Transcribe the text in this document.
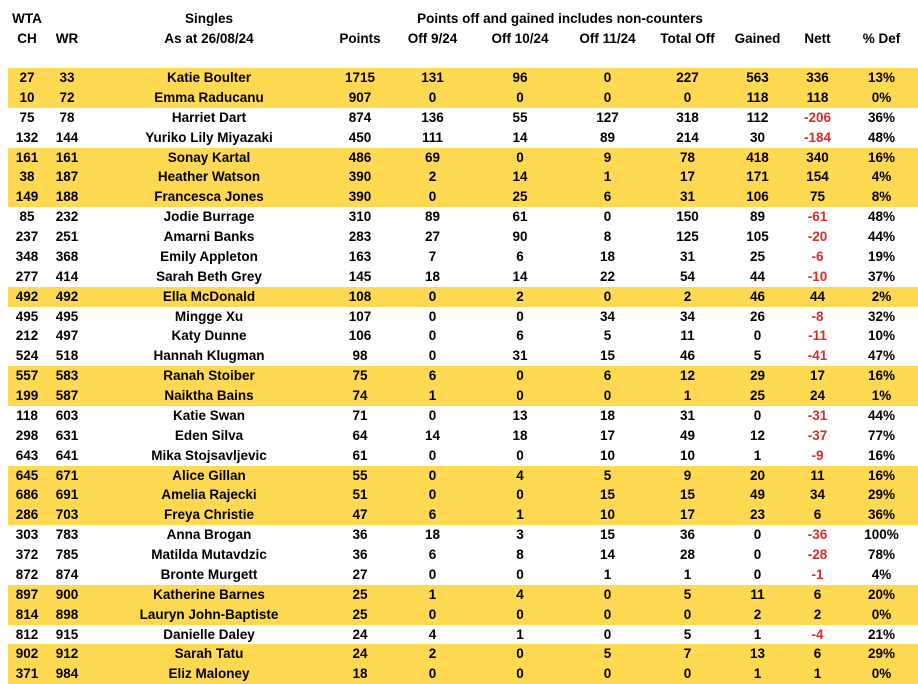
	WTA		Singles	Points off and gained includes non-counters							
	CH	WR	As at 26/08/24	Points	Off 9/24	Off 10/24	Off 11/24	Total Off	Gained	Nett	% Def

	27	33	Katie Boulter	1715	131	96	0	227	563	336	13%
	10	72	Emma Raducanu	907	0	0	0	0	118	118	0%
	75	78	Harriet Dart	874	136	55	127	318	112	-206	36%
	132	144	Yuriko Lily Miyazaki	450	111	14	89	214	30	-184	48%
	161	161	Sonay Kartal	486	69	0	9	78	418	340	16%
	38	187	Heather Watson	390	2	14	1	17	171	154	4%
	149	188	Francesca Jones	390	0	25	6	31	106	75	8%
	85	232	Jodie Burrage	310	89	61	0	150	89	-61	48%
	237	251	Amarni Banks	283	27	90	8	125	105	-20	44%
	348	368	Emily Appleton	163	7	6	18	31	25	-6	19%
	277	414	Sarah Beth Grey	145	18	14	22	54	44	-10	37%
	492	492	Ella McDonald	108	0	2	0	2	46	44	2%
	495	495	Mingge Xu	107	0	0	34	34	26	-8	32%
	212	497	Katy Dunne	106	0	6	5	11	0	-11	10%
	524	518	Hannah Klugman	98	0	31	15	46	5	-41	47%
	557	583	Ranah Stoiber	75	6	0	6	12	29	17	16%
	199	587	Naiktha Bains	74	1	0	0	1	25	24	1%
	118	603	Katie Swan	71	0	13	18	31	0	-31	44%
	298	631	Eden Silva	64	14	18	17	49	12	-37	77%
	643	641	Mika Stojsavljevic	61	0	0	10	10	1	-9	16%
	645	671	Alice Gillan	55	0	4	5	9	20	11	16%
	686	691	Amelia Rajecki	51	0	0	15	15	49	34	29%
	286	703	Freya Christie	47	6	1	10	17	23	6	36%
	303	783	Anna Brogan	36	18	3	15	36	0	-36	100%
	372	785	Matilda Mutavdzic	36	6	8	14	28	0	-28	78%
	872	874	Bronte Murgett	27	0	0	1	1	0	-1	4%
	897	900	Katherine Barnes	25	1	4	0	5	11	6	20%
	814	898	Lauryn John-Baptiste	25	0	0	0	0	2	2	0%
	812	915	Danielle Daley	24	4	1	0	5	1	-4	21%
	902	912	Sarah Tatu	24	2	0	5	7	13	6	29%
	371	984	Eliz Maloney	18	0	0	0	0	1	1	0%
